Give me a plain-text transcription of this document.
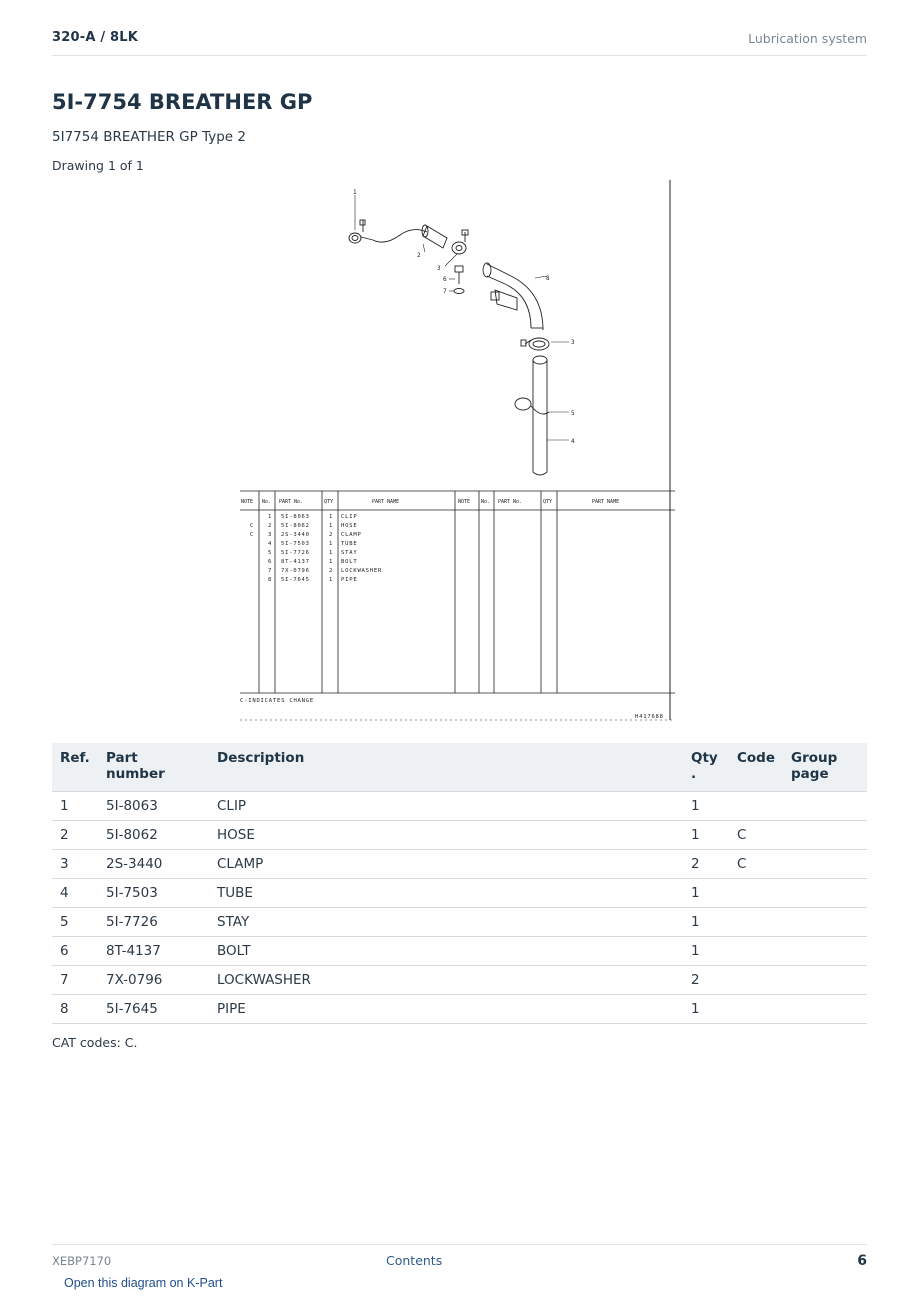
320-A / 8LK	Lubrication system
5I-7754 BREATHER GP
5I7754 BREATHER GP Type 2
Drawing 1 of 1
1
2
3
6
7
8
3
5
4
NOTE No. PART No.	QTY	PART NAME	NOTE No. PART No.	QTY	PART NAME
1 5I-8063	1 CLIP
C	2 5I-8062	1 HOSE
C	3 2S-3440	2 CLAMP
4 5I-7503	1 TUBE
5 5I-7726	1 STAY
6 8T-4137	1 BOLT
7 7X-0796	2 LOCKWASHER
8 5I-7645	1 PIPE
C-INDICATES CHANGE
H417688
Ref.	Part number	Description	Qty
.	Code	Group
page
1	5I-8063	CLIP	1		
2	5I-8062	HOSE	1	C	
3	2S-3440	CLAMP	2	C	
4	5I-7503	TUBE	1		
5	5I-7726	STAY	1		
6	8T-4137	BOLT	1		
7	7X-0796	LOCKWASHER	2		
8	5I-7645	PIPE	1		
CAT codes: C.
XEBP7170	Contents	6
Open this diagram on K-Part
